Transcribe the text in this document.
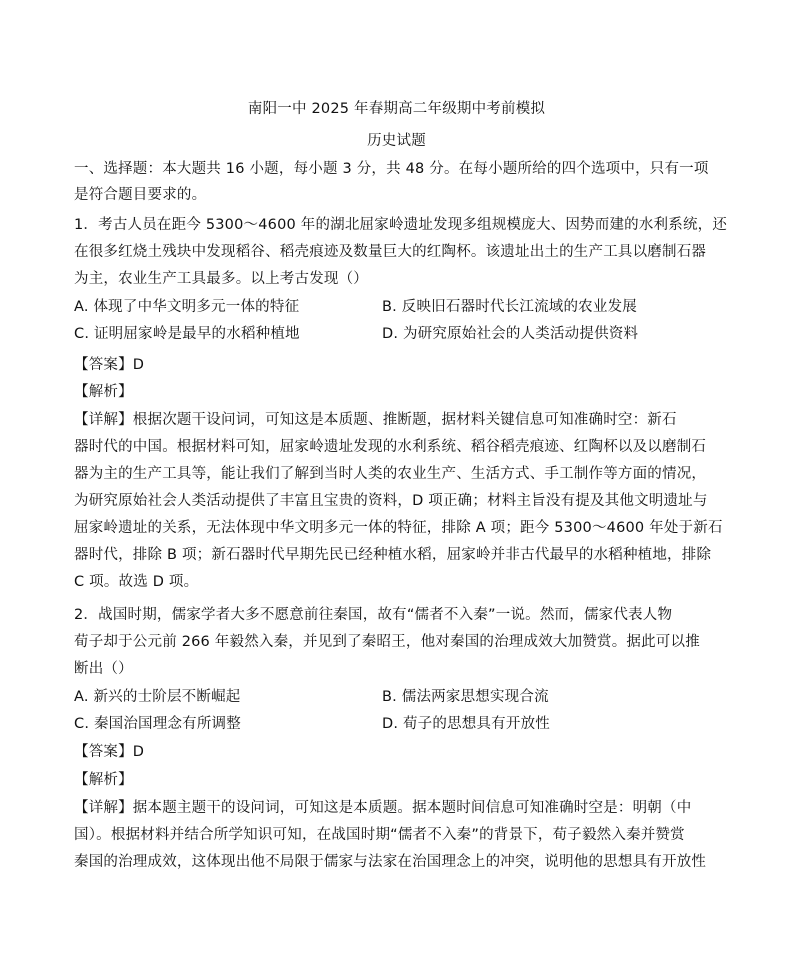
南阳一中 2025 年春期高二年级期中考前模拟
历史试题
一、选择题：本大题共 16 小题，每小题 3 分，共 48 分。在每小题所给的四个选项中，只有一项
是符合题目要求的。
1．考古人员在距今 5300～4600 年的湖北屈家岭遗址发现多组规模庞大、因势而建的水利系统，还
在很多红烧土残块中发现稻谷、稻壳痕迹及数量巨大的红陶杯。该遗址出土的生产工具以磨制石器
为主，农业生产工具最多。以上考古发现（）
A. 体现了中华文明多元一体的特征	B. 反映旧石器时代长江流域的农业发展
C. 证明屈家岭是最早的水稻种植地	D. 为研究原始社会的人类活动提供资料
【答案】D
【解析】
【详解】根据次题干设问词，可知这是本质题、推断题，据材料关键信息可知准确时空：新石
器时代的中国。根据材料可知，屈家岭遗址发现的水利系统、稻谷稻壳痕迹、红陶杯以及以磨制石
器为主的生产工具等，能让我们了解到当时人类的农业生产、生活方式、手工制作等方面的情况，
为研究原始社会人类活动提供了丰富且宝贵的资料，D 项正确；材料主旨没有提及其他文明遗址与
屈家岭遗址的关系，无法体现中华文明多元一体的特征，排除 A 项；距今 5300～4600 年处于新石
器时代，排除 B 项；新石器时代早期先民已经种植水稻，屈家岭并非古代最早的水稻种植地，排除
C 项。故选 D 项。
2．战国时期，儒家学者大多不愿意前往秦国，故有“儒者不入秦”一说。然而，儒家代表人物
荀子却于公元前 266 年毅然入秦，并见到了秦昭王，他对秦国的治理成效大加赞赏。据此可以推
断出（）
A. 新兴的士阶层不断崛起	B. 儒法两家思想实现合流
C. 秦国治国理念有所调整	D. 荀子的思想具有开放性
【答案】D
【解析】
【详解】据本题主题干的设问词，可知这是本质题。据本题时间信息可知准确时空是：明朝（中
国）。根据材料并结合所学知识可知，在战国时期“儒者不入秦”的背景下，荀子毅然入秦并赞赏
秦国的治理成效，这体现出他不局限于儒家与法家在治国理念上的冲突，说明他的思想具有开放性
